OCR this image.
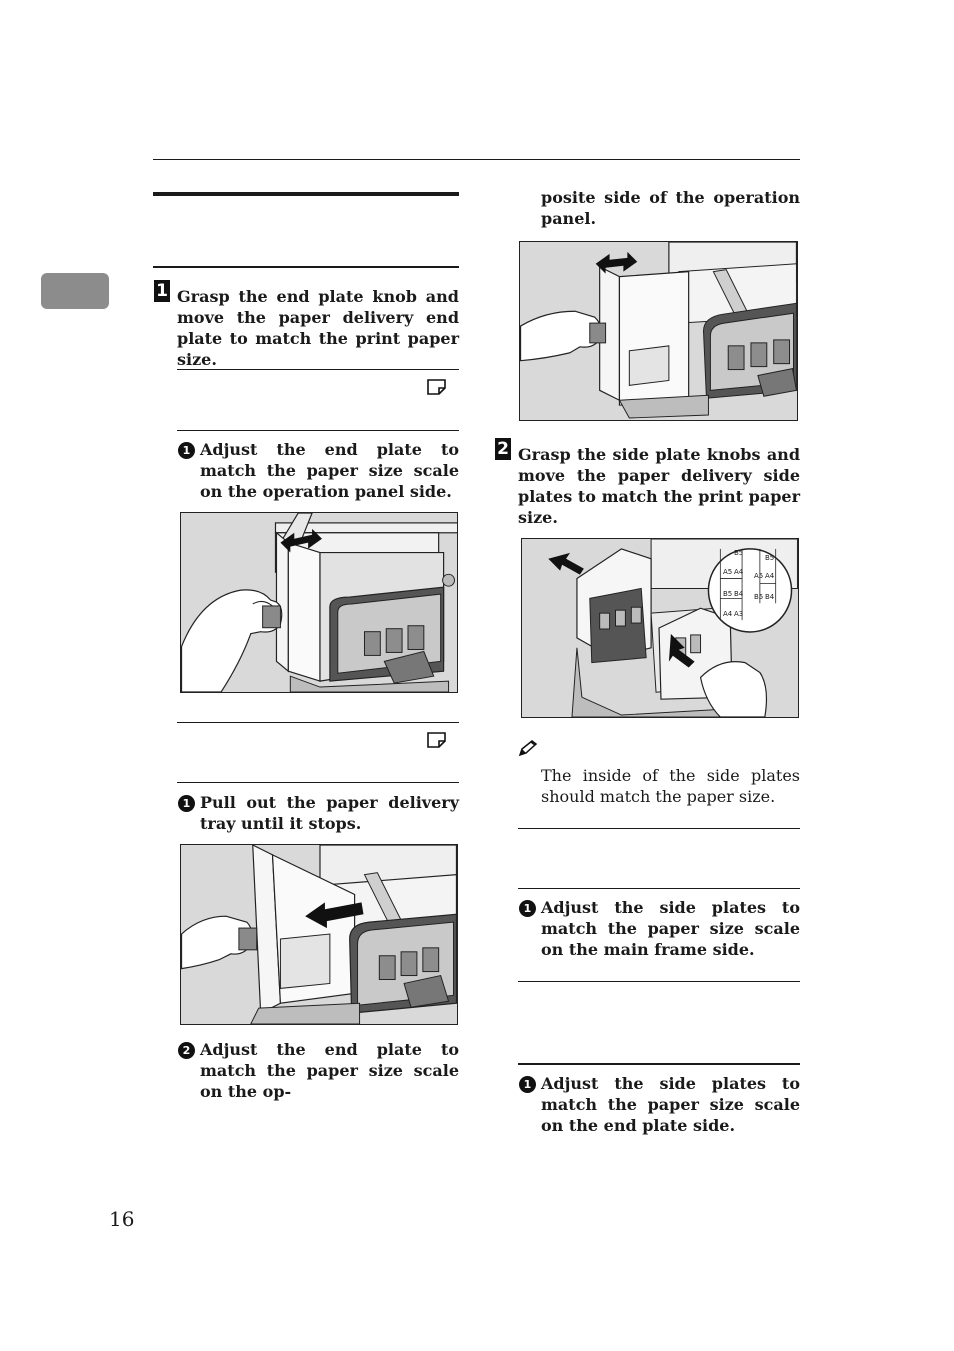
1 Grasp the end plate knob and move the paper delivery end plate to match the print paper size.
1 Adjust the end plate to match the paper size scale on the operation panel side.
1 Pull out the paper delivery tray until it stops.
2 Adjust the end plate to match the paper size scale on the op-
posite side of the operation panel.
2 Grasp the side plate knobs and move the paper delivery side plates to match the print paper size.
B5
A5 A4
B5 B4
A4 A3
B5
A5 A4
B5 B4
The inside of the side plates should match the paper size.
1 Adjust the side plates to match the paper size scale on the main frame side.
1 Adjust the side plates to match the paper size scale on the end plate side.
16
